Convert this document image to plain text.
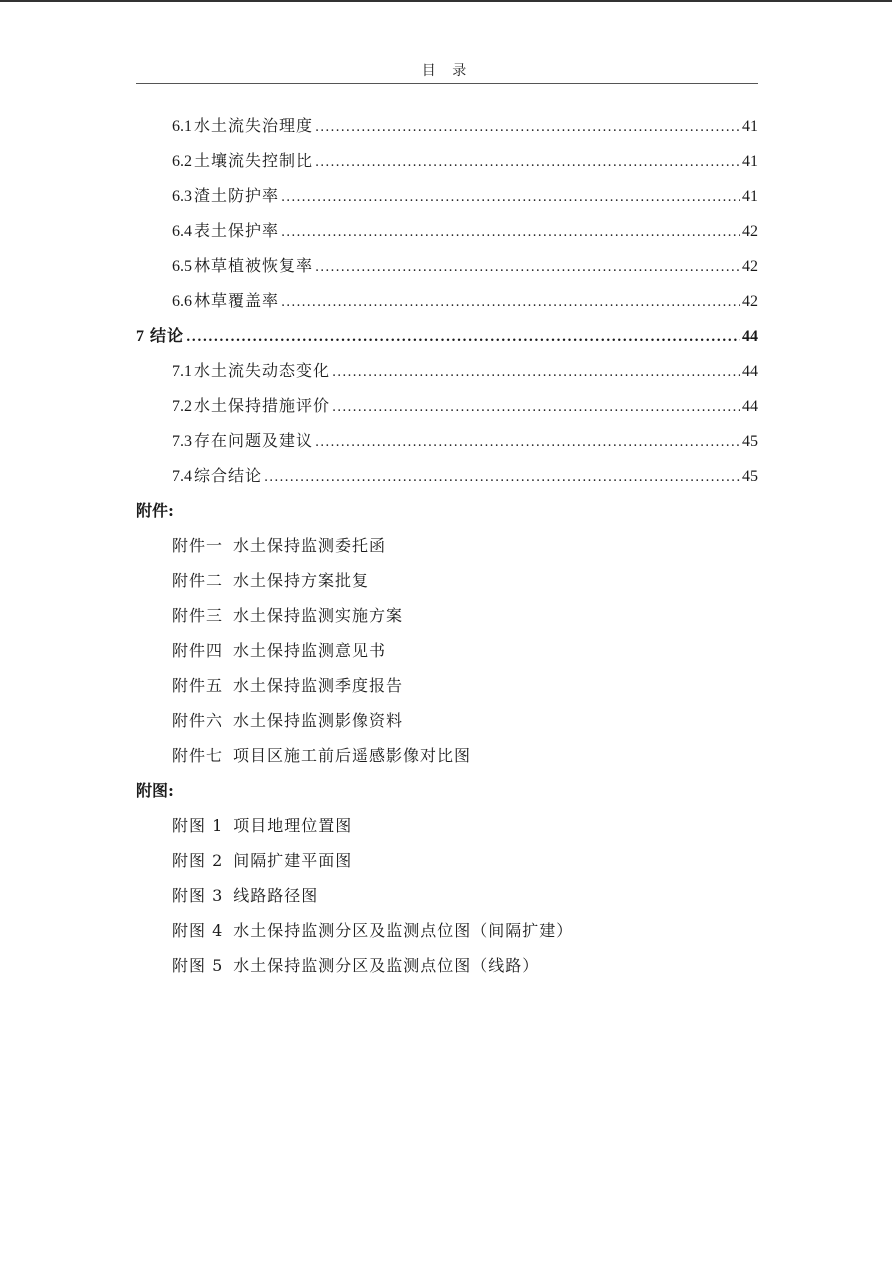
目 录
6.1 水土流失治理度 .....	41
6.2 土壤流失控制比 .....	41
6.3 渣土防护率 .....	41
6.4 表土保护率 .....	42
6.5 林草植被恢复率 .....	42
6.6 林草覆盖率 .....	42
7 结论 .....	44
7.1 水土流失动态变化 .....	44
7.2 水土保持措施评价 .....	44
7.3 存在问题及建议 .....	45
7.4 综合结论 .....	45
附件:
附件一 水土保持监测委托函
附件二 水土保持方案批复
附件三 水土保持监测实施方案
附件四 水土保持监测意见书
附件五 水土保持监测季度报告
附件六 水土保持监测影像资料
附件七 项目区施工前后遥感影像对比图
附图:
附图 1 项目地理位置图
附图 2 间隔扩建平面图
附图 3 线路路径图
附图 4 水土保持监测分区及监测点位图（间隔扩建）
附图 5 水土保持监测分区及监测点位图（线路）
